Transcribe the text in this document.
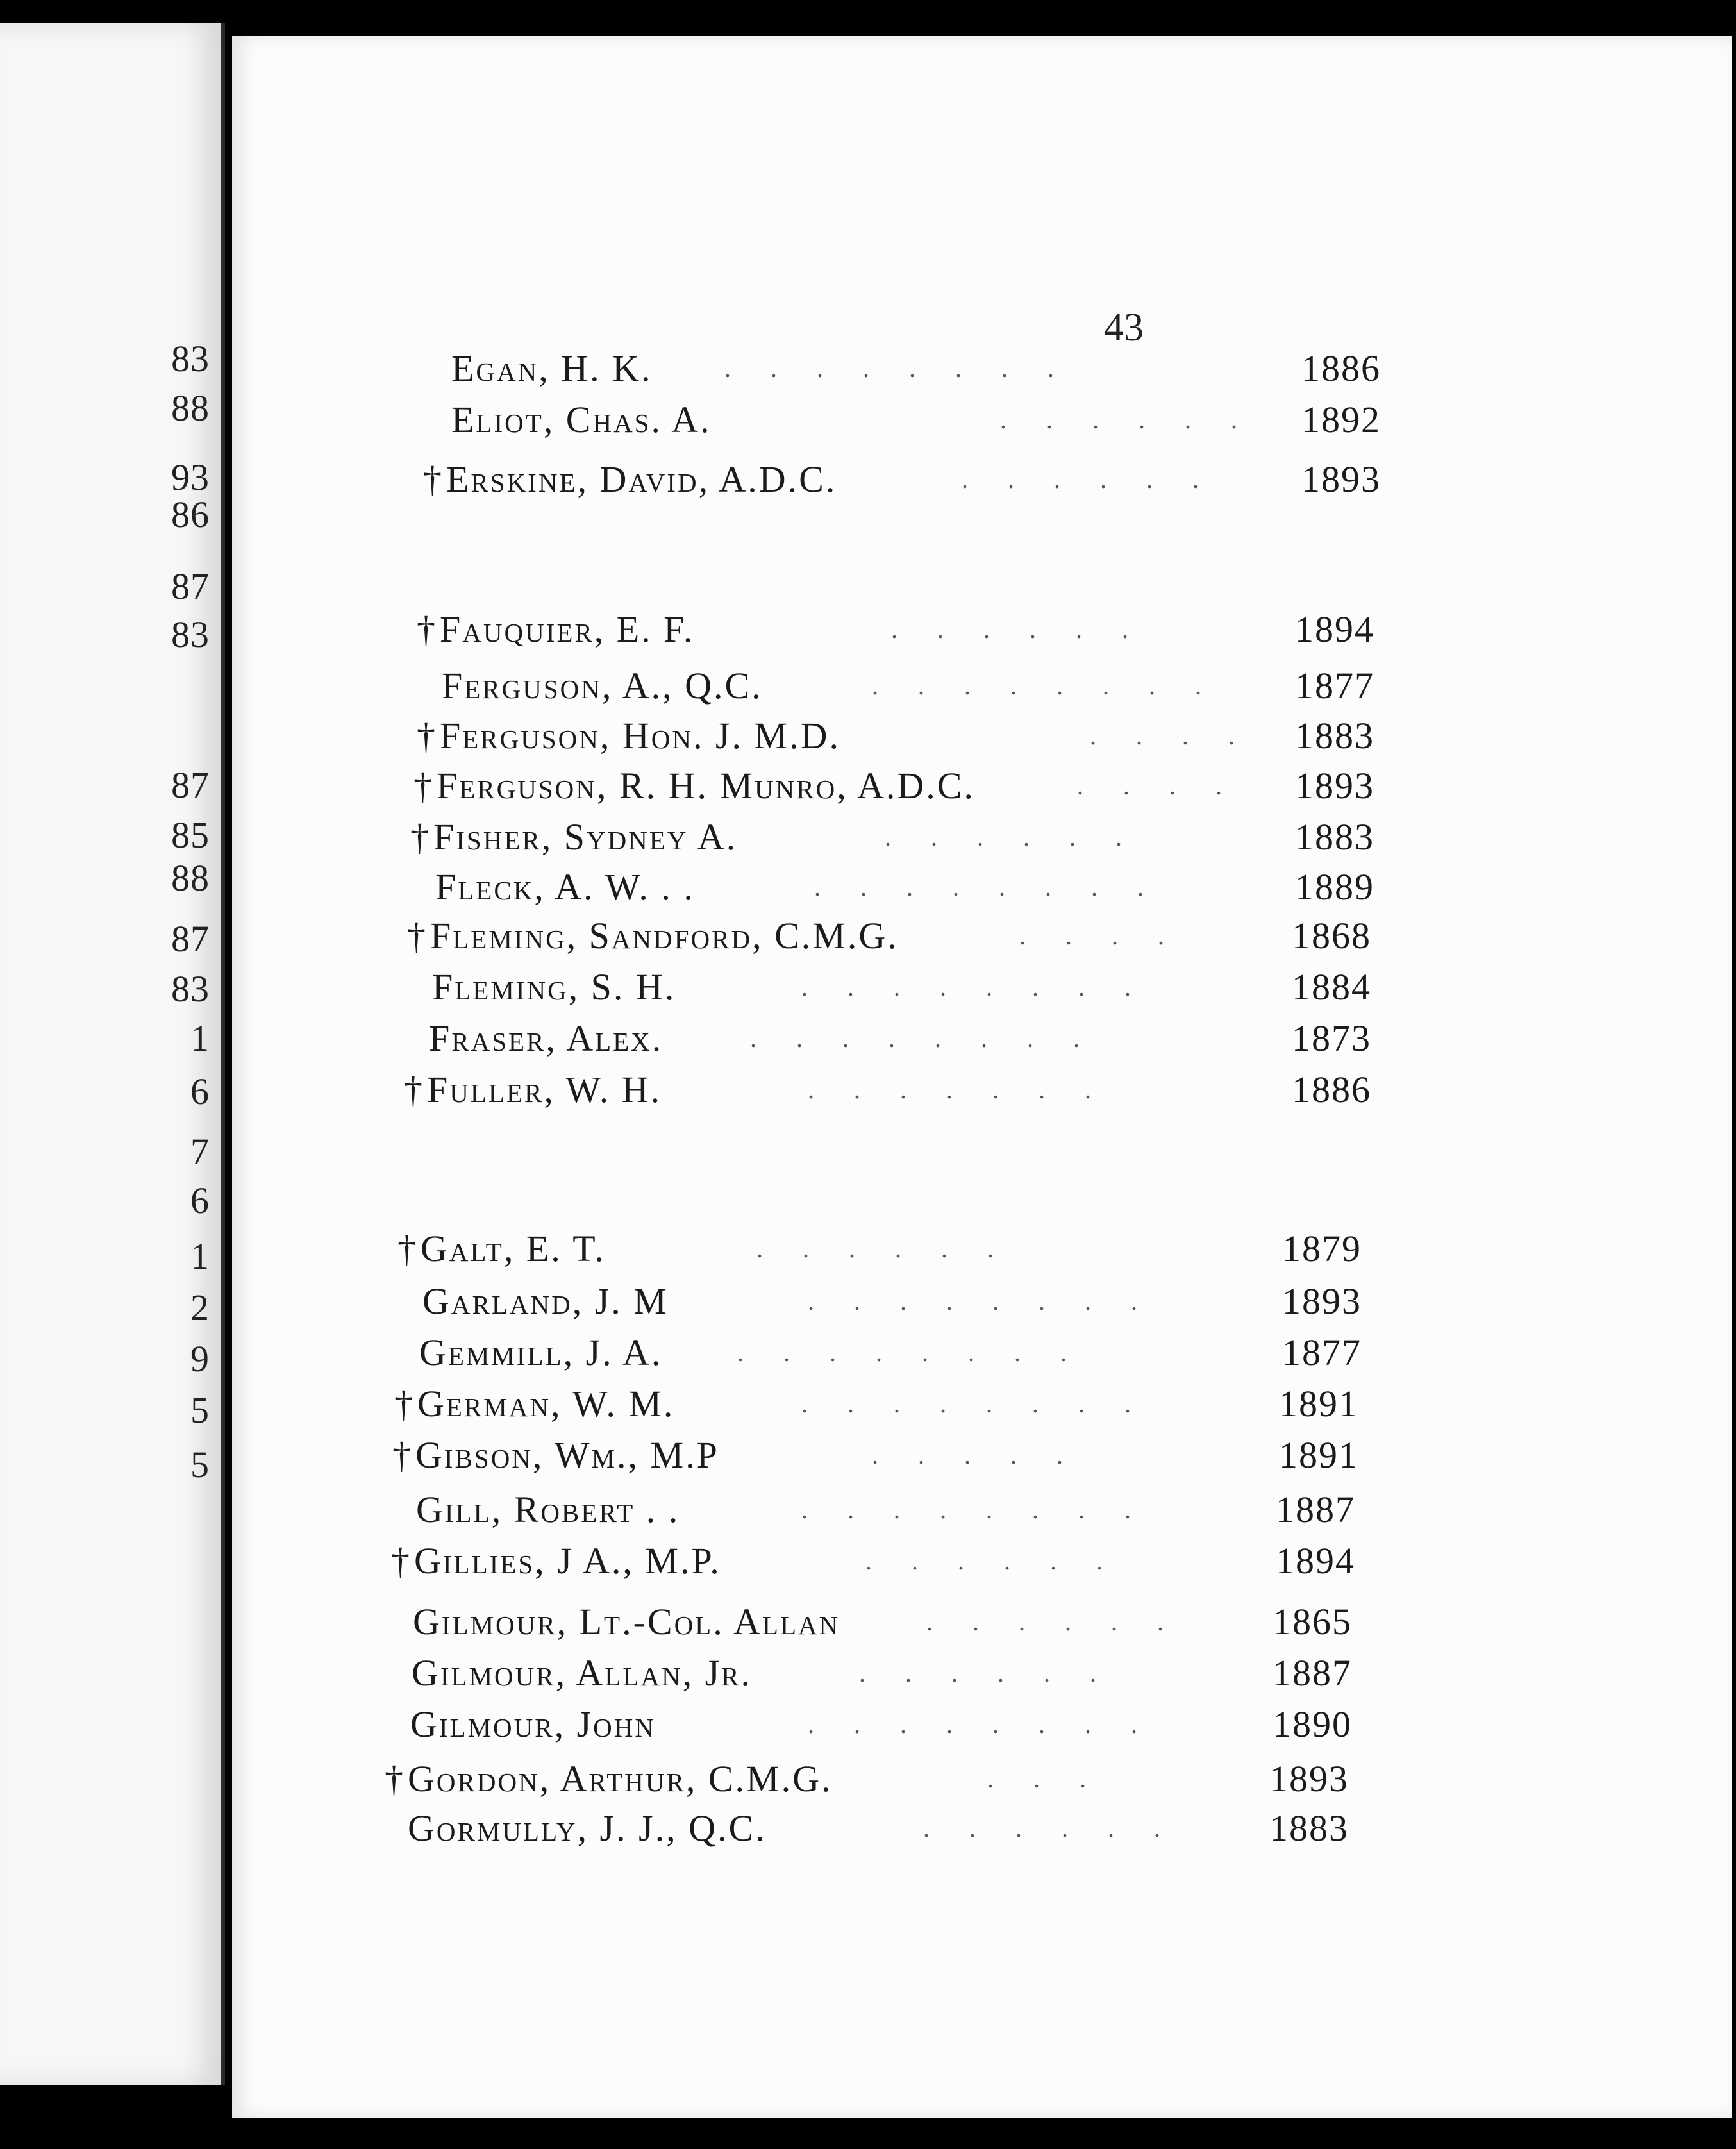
83
88
93
86
87
83
87
85
88
87
83
1
6
7
6
1
2
9
5
5
43
Egan, H. K.	. . . . . . . .	1886
Eliot, Chas. A.	. . . . . . 1892
†Erskine, David, A.D.C.	. . . . . . 1893
†Fauquier, E. F.	. . . . . .	1894
Ferguson, A., Q.C.	. . . . . . . . 1877
†Ferguson, Hon. J. M.D.	. . . . 1883
†Ferguson, R. H. Munro, A.D.C.	. . . . 1893
†Fisher, Sydney A.	. . . . . .	1883
Fleck, A. W. . .	. . . . . . . .	1889
†Fleming, Sandford, C.M.G.	. . . .	1868
Fleming, S. H.	. . . . . . . .	1884
Fraser, Alex.	. . . . . . . .	1873
†Fuller, W. H.	. . . . . . .	1886
†Galt, E. T.	. . . . . .	1879
Garland, J. M	. . . . . . . .	1893
Gemmill, J. A.	. . . . . . . .	1877
†German, W. M.	. . . . . . . .	1891
†Gibson, Wm., M.P	. . . . .	1891
Gill, Robert . .	. . . . . . . .	1887
†Gillies, J A., M.P.	. . . . . .	1894
Gilmour, Lt.-Col. Allan	. . . . . . 1865
Gilmour, Allan, Jr.	. . . . . .	1887
Gilmour, John	. . . . . . . .	1890
†Gordon, Arthur, C.M.G.	. . .	1893
Gormully, J. J., Q.C.	. . . . . . 1883
